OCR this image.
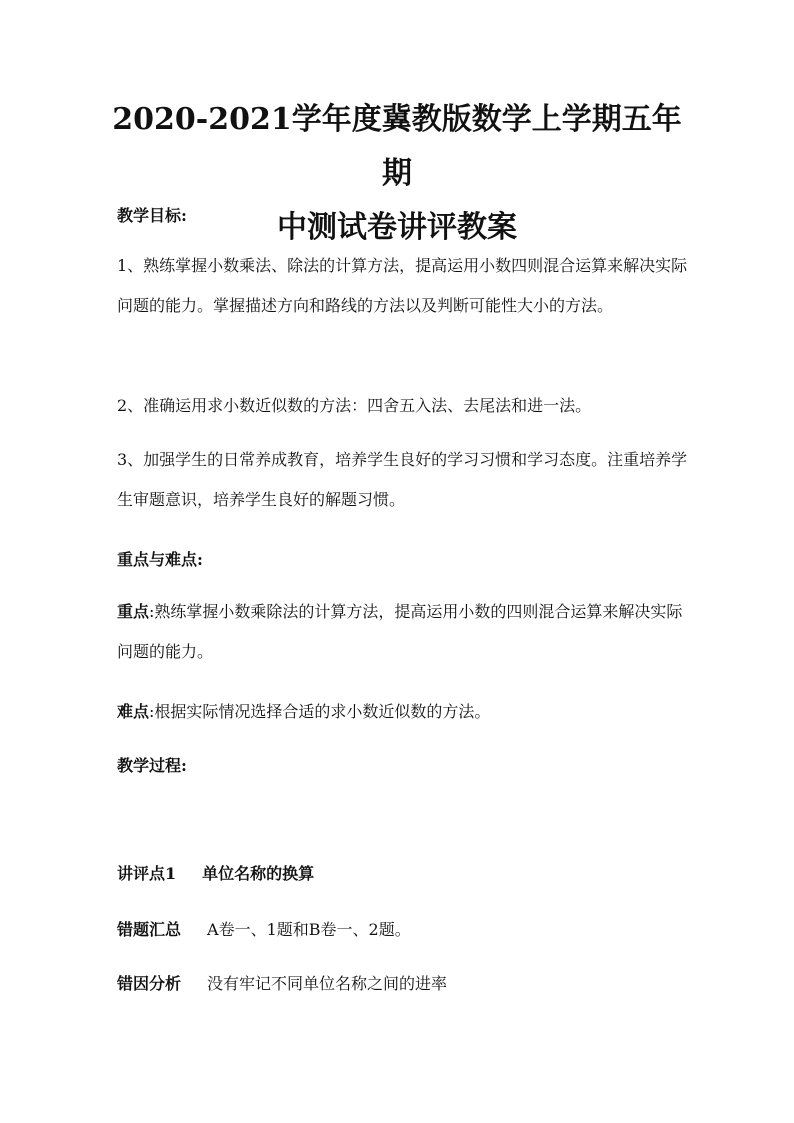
2020-2021学年度冀教版数学上学期五年期
中测试卷讲评教案

教学目标:

1、熟练掌握小数乘法、除法的计算方法，提高运用小数四则混合运算来解决实际问题的能力。掌握描述方向和路线的方法以及判断可能性大小的方法。

2、准确运用求小数近似数的方法：四舍五入法、去尾法和进一法。

3、加强学生的日常养成教育，培养学生良好的学习习惯和学习态度。注重培养学生审题意识，培养学生良好的解题习惯。

重点与难点:

重点:熟练掌握小数乘除法的计算方法，提高运用小数的四则混合运算来解决实际问题的能力。

难点:根据实际情况选择合适的求小数近似数的方法。

教学过程:

讲评点1 单位名称的换算

错题汇总 A卷一、1题和B卷一、2题。

错因分析 没有牢记不同单位名称之间的进率
